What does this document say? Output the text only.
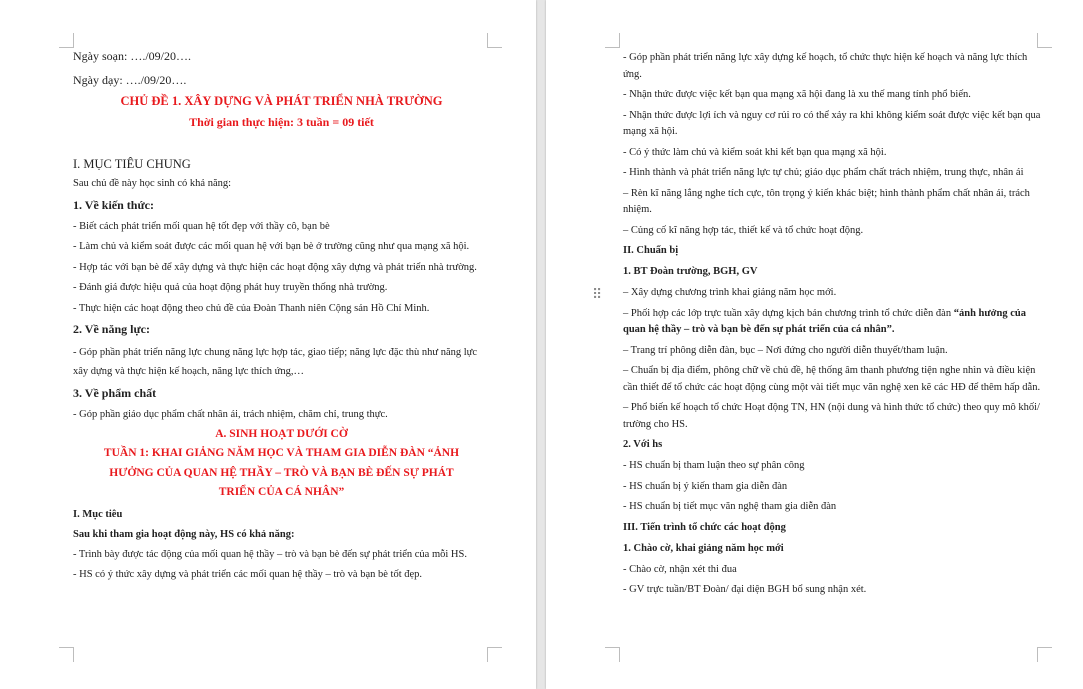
Ngày soạn: …./09/20….

Ngày dạy: …./09/20….

CHỦ ĐỀ 1. XÂY DỰNG VÀ PHÁT TRIỂN NHÀ TRƯỜNG

Thời gian thực hiện: 3 tuần = 09 tiết

I. MỤC TIÊU CHUNG

Sau chủ đề này học sinh có khả năng:

1. Về kiến thức:

- Biết cách phát triển mối quan hệ tốt đẹp với thầy cô, bạn bè

- Làm chủ và kiểm soát được các mối quan hệ với bạn bè ở trường cũng như qua mạng xã hội.

- Hợp tác với bạn bè để xây dựng và thực hiện các hoạt động xây dựng và phát triển nhà trường.

- Đánh giá được hiệu quả của hoạt động phát huy truyền thống nhà trường.

- Thực hiện các hoạt động theo chủ đề của Đoàn Thanh niên Cộng sản Hồ Chí Minh.

2. Về năng lực:

- Góp phần phát triển năng lực chung năng lực hợp tác, giao tiếp; năng lực đặc thù như năng lực xây dựng và thực hiện kế hoạch, năng lực thích ứng,…

3. Về phẩm chất

- Góp phần giáo dục phẩm chất nhân ái, trách nhiệm, chăm chỉ, trung thực.

A. SINH HOẠT DƯỚI CỜ

TUẦN 1: KHAI GIẢNG NĂM HỌC VÀ THAM GIA DIỄN ĐÀN “ẢNH HƯỞNG CỦA QUAN HỆ THẦY – TRÒ VÀ BẠN BÈ ĐẾN SỰ PHÁT TRIỂN CỦA CÁ NHÂN”

I. Mục tiêu

Sau khi tham gia hoạt động này, HS có khả năng:

- Trình bày được tác động của mối quan hệ thầy – trò và bạn bè đến sự phát triển của mỗi HS.

- HS có ý thức xây dựng và phát triển các mối quan hệ thầy – trò và bạn bè tốt đẹp.

- Góp phần phát triển năng lực xây dựng kế hoạch, tổ chức thực hiện kế hoạch và năng lực thích ứng.

- Nhận thức được việc kết bạn qua mạng xã hội đang là xu thế mang tính phổ biến.

- Nhận thức được lợi ích và nguy cơ rủi ro có thể xảy ra khi không kiểm soát được việc kết bạn qua mạng xã hội.

- Có ý thức làm chủ và kiểm soát khi kết bạn qua mạng xã hội.

- Hình thành và phát triển năng lực tự chủ; giáo dục phẩm chất trách nhiệm, trung thực, nhân ái

– Rèn kĩ năng lắng nghe tích cực, tôn trọng ý kiến khác biệt; hình thành phẩm chất nhân ái, trách nhiệm.

– Củng cố kĩ năng hợp tác, thiết kế và tổ chức hoạt động.

II. Chuẩn bị

1. BT Đoàn trường, BGH, GV

– Xây dựng chương trình khai giảng năm học mới.

– Phối hợp các lớp trực tuần xây dựng kịch bản chương trình tổ chức diễn đàn “ảnh hưởng của quan hệ thầy – trò và bạn bè đến sự phát triển của cá nhân”.

– Trang trí phông diễn đàn, bục – Nơi đứng cho người diễn thuyết/tham luận.

– Chuẩn bị địa điểm, phông chữ về chủ đề, hệ thống âm thanh phương tiện nghe nhìn và điều kiện cần thiết để tổ chức các hoạt động cùng một vài tiết mục văn nghệ xen kẽ các HĐ để thêm hấp dẫn.

– Phổ biến kế hoạch tổ chức Hoạt động TN, HN (nội dung và hình thức tổ chức) theo quy mô khối/ trường cho HS.

2. Với hs

- HS chuẩn bị tham luận theo sự phân công

- HS chuẩn bị ý kiến tham gia diễn đàn

- HS chuẩn bị tiết mục văn nghệ tham gia diễn đàn

III. Tiến trình tổ chức các hoạt động

1. Chào cờ, khai giảng năm học mới

- Chào cờ, nhận xét thi đua

- GV trực tuần/BT Đoàn/ đại diện BGH bổ sung nhận xét.

⠿
